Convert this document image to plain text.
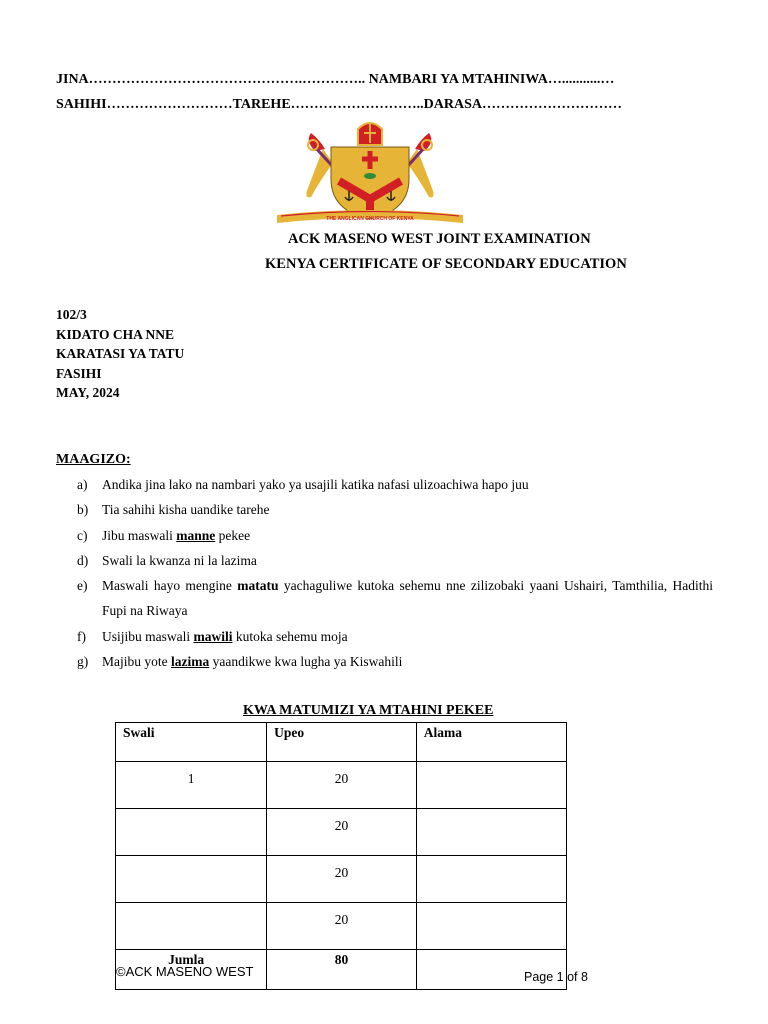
JINA……………………………………….………….. NAMBARI YA MTAHINIWA…...........…
SAHIHI………………………TAREHE………………………..DARASA…………………………
THE ANGLICAN CHURCH OF KENYA
ACK MASENO WEST JOINT EXAMINATION
KENYA CERTIFICATE OF SECONDARY EDUCATION
102/3
KIDATO CHA NNE
KARATASI YA TATU
FASIHI
MAY, 2024
MAAGIZO:
a)	Andika jina lako na nambari yako ya usajili katika nafasi ulizoachiwa hapo juu
b)	Tia sahihi kisha uandike tarehe
c)	Jibu maswali manne pekee
d)	Swali la kwanza ni la lazima
e)	Maswali hayo mengine matatu yachaguliwe kutoka sehemu nne zilizobaki yaani Ushairi, Tamthilia, Hadithi Fupi na Riwaya
f)	Usijibu maswali mawili kutoka sehemu moja
g)	Majibu yote lazima yaandikwe kwa lugha ya Kiswahili
KWA MATUMIZI YA MTAHINI PEKEE
Swali	Upeo	Alama
1	20	
	20	
	20	
	20	
Jumla	80	
©ACK MASENO WEST	Page 1 of 8
